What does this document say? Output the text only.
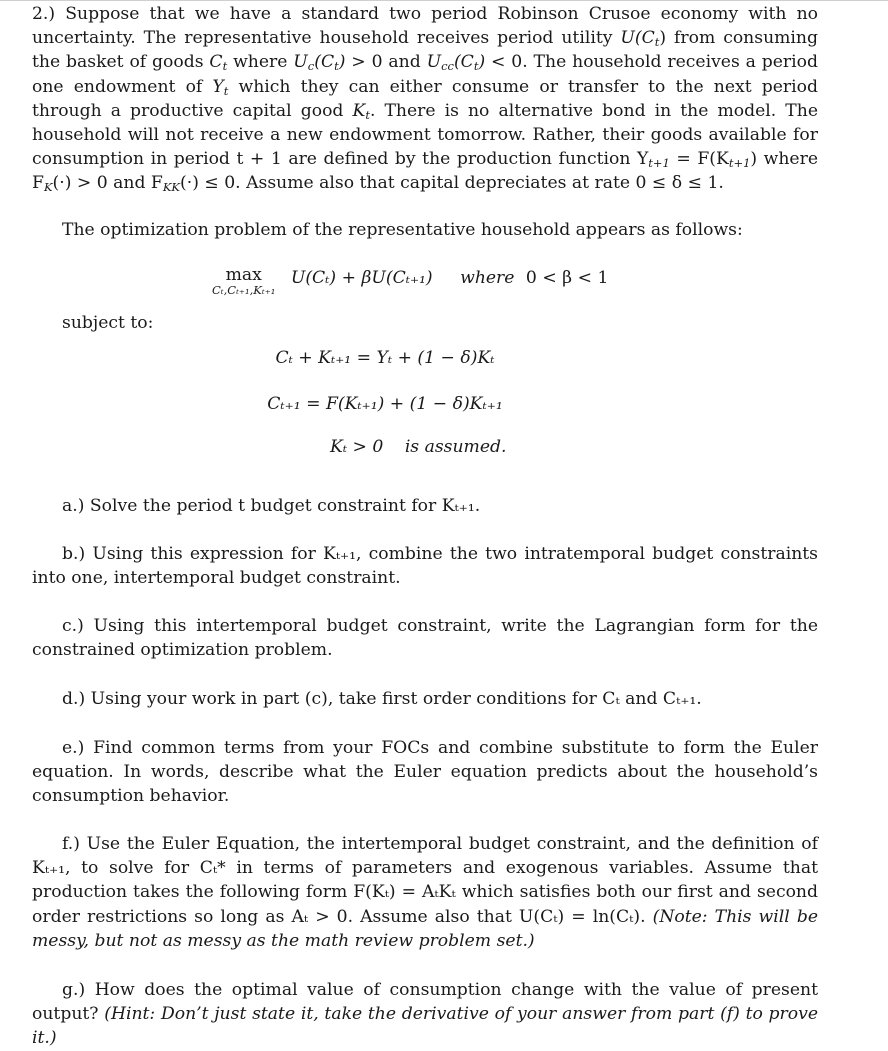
2.) Suppose that we have a standard two period Robinson Crusoe economy with no uncertainty. The representative household receives period utility $U(C_t)$ from consuming the basket of goods $C_t$ where $U_c(C_t) > 0$ and $U_{cc}(C_t) < 0$. The household receives a period one endowment of $Y_t$ which they can either consume or transfer to the next period through a productive capital good $K_t$. There is no alternative bond in the model. The household will not receive a new endowment tomorrow. Rather, their goods available for consumption in period t + 1 are defined by the production function $Y_{t+1} = F(K_{t+1})$ where $F_K(\cdot) > 0$ and $F_{KK}(\cdot) \le 0$. Assume also that capital depreciates at rate 0 ≤ δ ≤ 1.

The optimization problem of the representative household appears as follows:

max
Cₜ,Cₜ₊₁,Kₜ₊₁
U(Cₜ) + βU(Cₜ₊₁) where 0 < β < 1

subject to:

Cₜ + Kₜ₊₁ = Yₜ + (1 − δ)Kₜ
Cₜ₊₁ = F(Kₜ₊₁) + (1 − δ)Kₜ₊₁
Kₜ > 0 is assumed.

a.) Solve the period t budget constraint for Kₜ₊₁.

b.) Using this expression for Kₜ₊₁, combine the two intratemporal budget constraints into one, intertemporal budget constraint.

c.) Using this intertemporal budget constraint, write the Lagrangian form for the constrained optimization problem.

d.) Using your work in part (c), take first order conditions for Cₜ and Cₜ₊₁.

e.) Find common terms from your FOCs and combine substitute to form the Euler equation. In words, describe what the Euler equation predicts about the household’s consumption behavior.

f.) Use the Euler Equation, the intertemporal budget constraint, and the definition of Kₜ₊₁, to solve for Cₜ* in terms of parameters and exogenous variables. Assume that production takes the following form F(Kₜ) = AₜKₜ which satisfies both our first and second order restrictions so long as Aₜ > 0. Assume also that U(Cₜ) = ln(Cₜ). (Note: This will be messy, but not as messy as the math review problem set.)

g.) How does the optimal value of consumption change with the value of present output? (Hint: Don’t just state it, take the derivative of your answer from part (f) to prove it.)
